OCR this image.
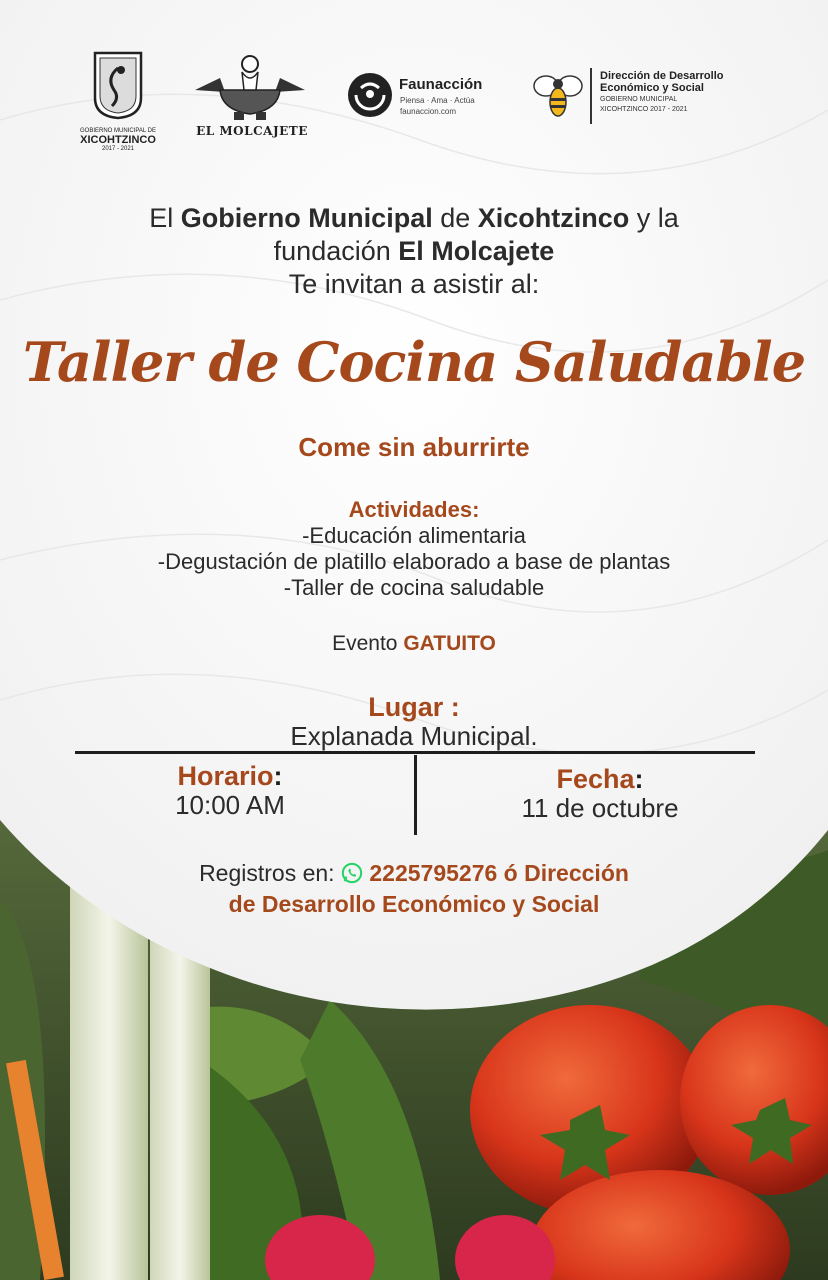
GOBIERNO MUNICIPAL DE
XICOHTZINCO
2017 - 2021
EL MOLCAJETE
Faunacción
Piensa · Ama · Actúa
faunaccion.com
Dirección de Desarrollo
Económico y Social
GOBIERNO MUNICIPAL
XICOHTZINCO 2017 - 2021
El Gobierno Municipal de Xicohtzinco y la
fundación El Molcajete
Te invitan a asistir al:
Taller de Cocina Saludable
Come sin aburrirte
Actividades:
-Educación alimentaria
-Degustación de platillo elaborado a base de plantas
-Taller de cocina saludable
Evento GATUITO
Lugar :
Explanada Municipal.
Horario:
10:00 AM
Fecha:
11 de octubre
Registros en:  2225795276 ó Dirección
de Desarrollo Económico y Social
